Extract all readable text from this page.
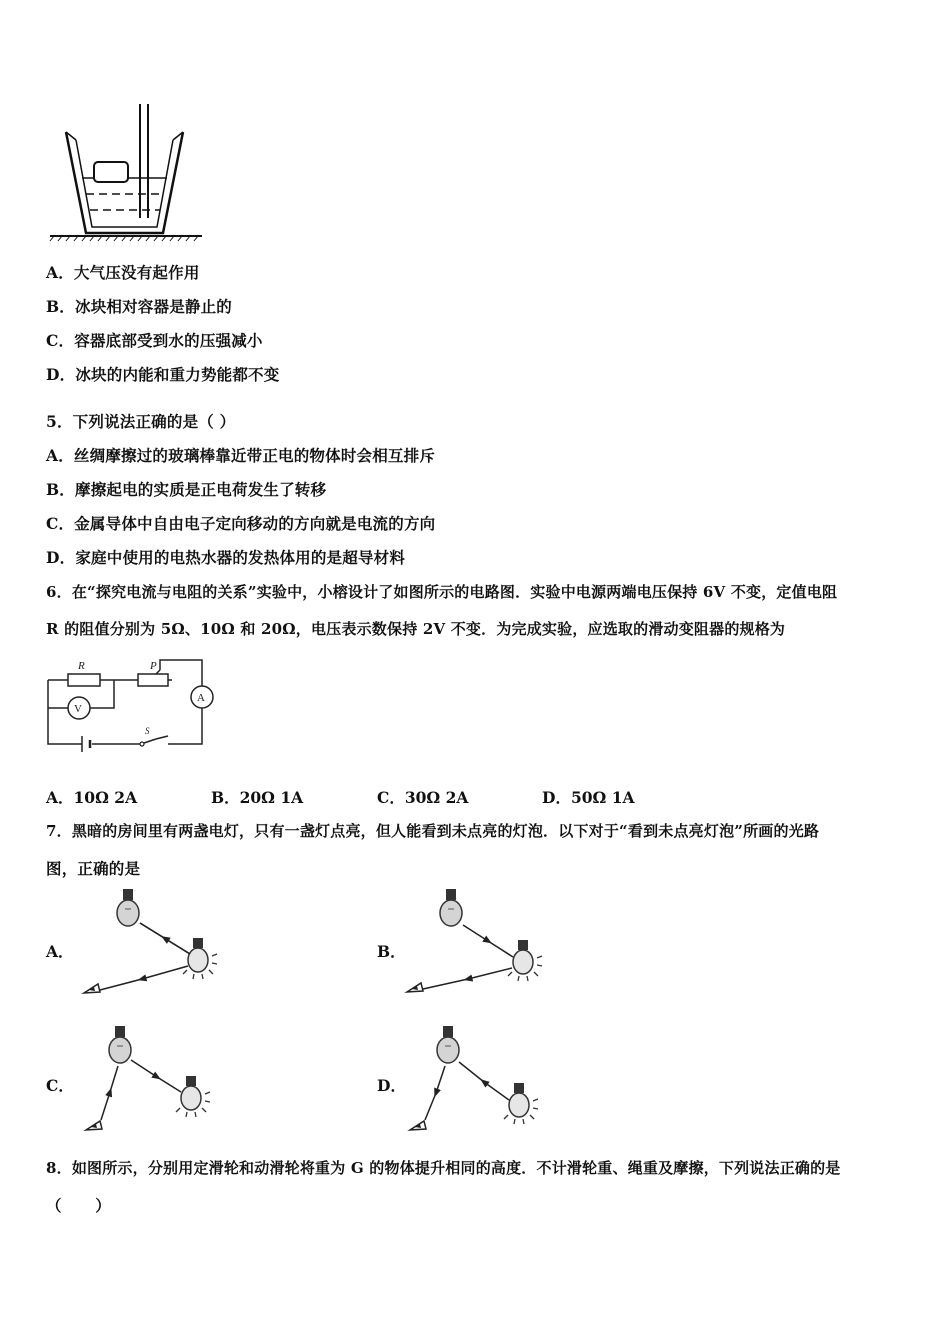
A．大气压没有起作用
B．冰块相对容器是静止的
C．容器底部受到水的压强减小
D．冰块的内能和重力势能都不变
5．下列说法正确的是（ ）
A．丝绸摩擦过的玻璃棒靠近带正电的物体时会相互排斥
B．摩擦起电的实质是正电荷发生了转移
C．金属导体中自由电子定向移动的方向就是电流的方向
D．家庭中使用的电热水器的发热体用的是超导材料
6．在“探究电流与电阻的关系”实验中，小榕设计了如图所示的电路图．实验中电源两端电压保持 6V 不变，定值电阻
R 的阻值分别为 5Ω、10Ω 和 20Ω，电压表示数保持 2V 不变．为完成实验，应选取的滑动变阻器的规格为
R	P
V
A
S
A．10Ω 2A	B．20Ω 1A	C．30Ω 2A	D．50Ω 1A
7．黑暗的房间里有两盏电灯，只有一盏灯点亮，但人能看到未点亮的灯泡．以下对于“看到未点亮灯泡”所画的光路
图，正确的是
A．	B．
C．	D．
8．如图所示，分别用定滑轮和动滑轮将重为 G 的物体提升相同的高度．不计滑轮重、绳重及摩擦，下列说法正确的是
（      ）
